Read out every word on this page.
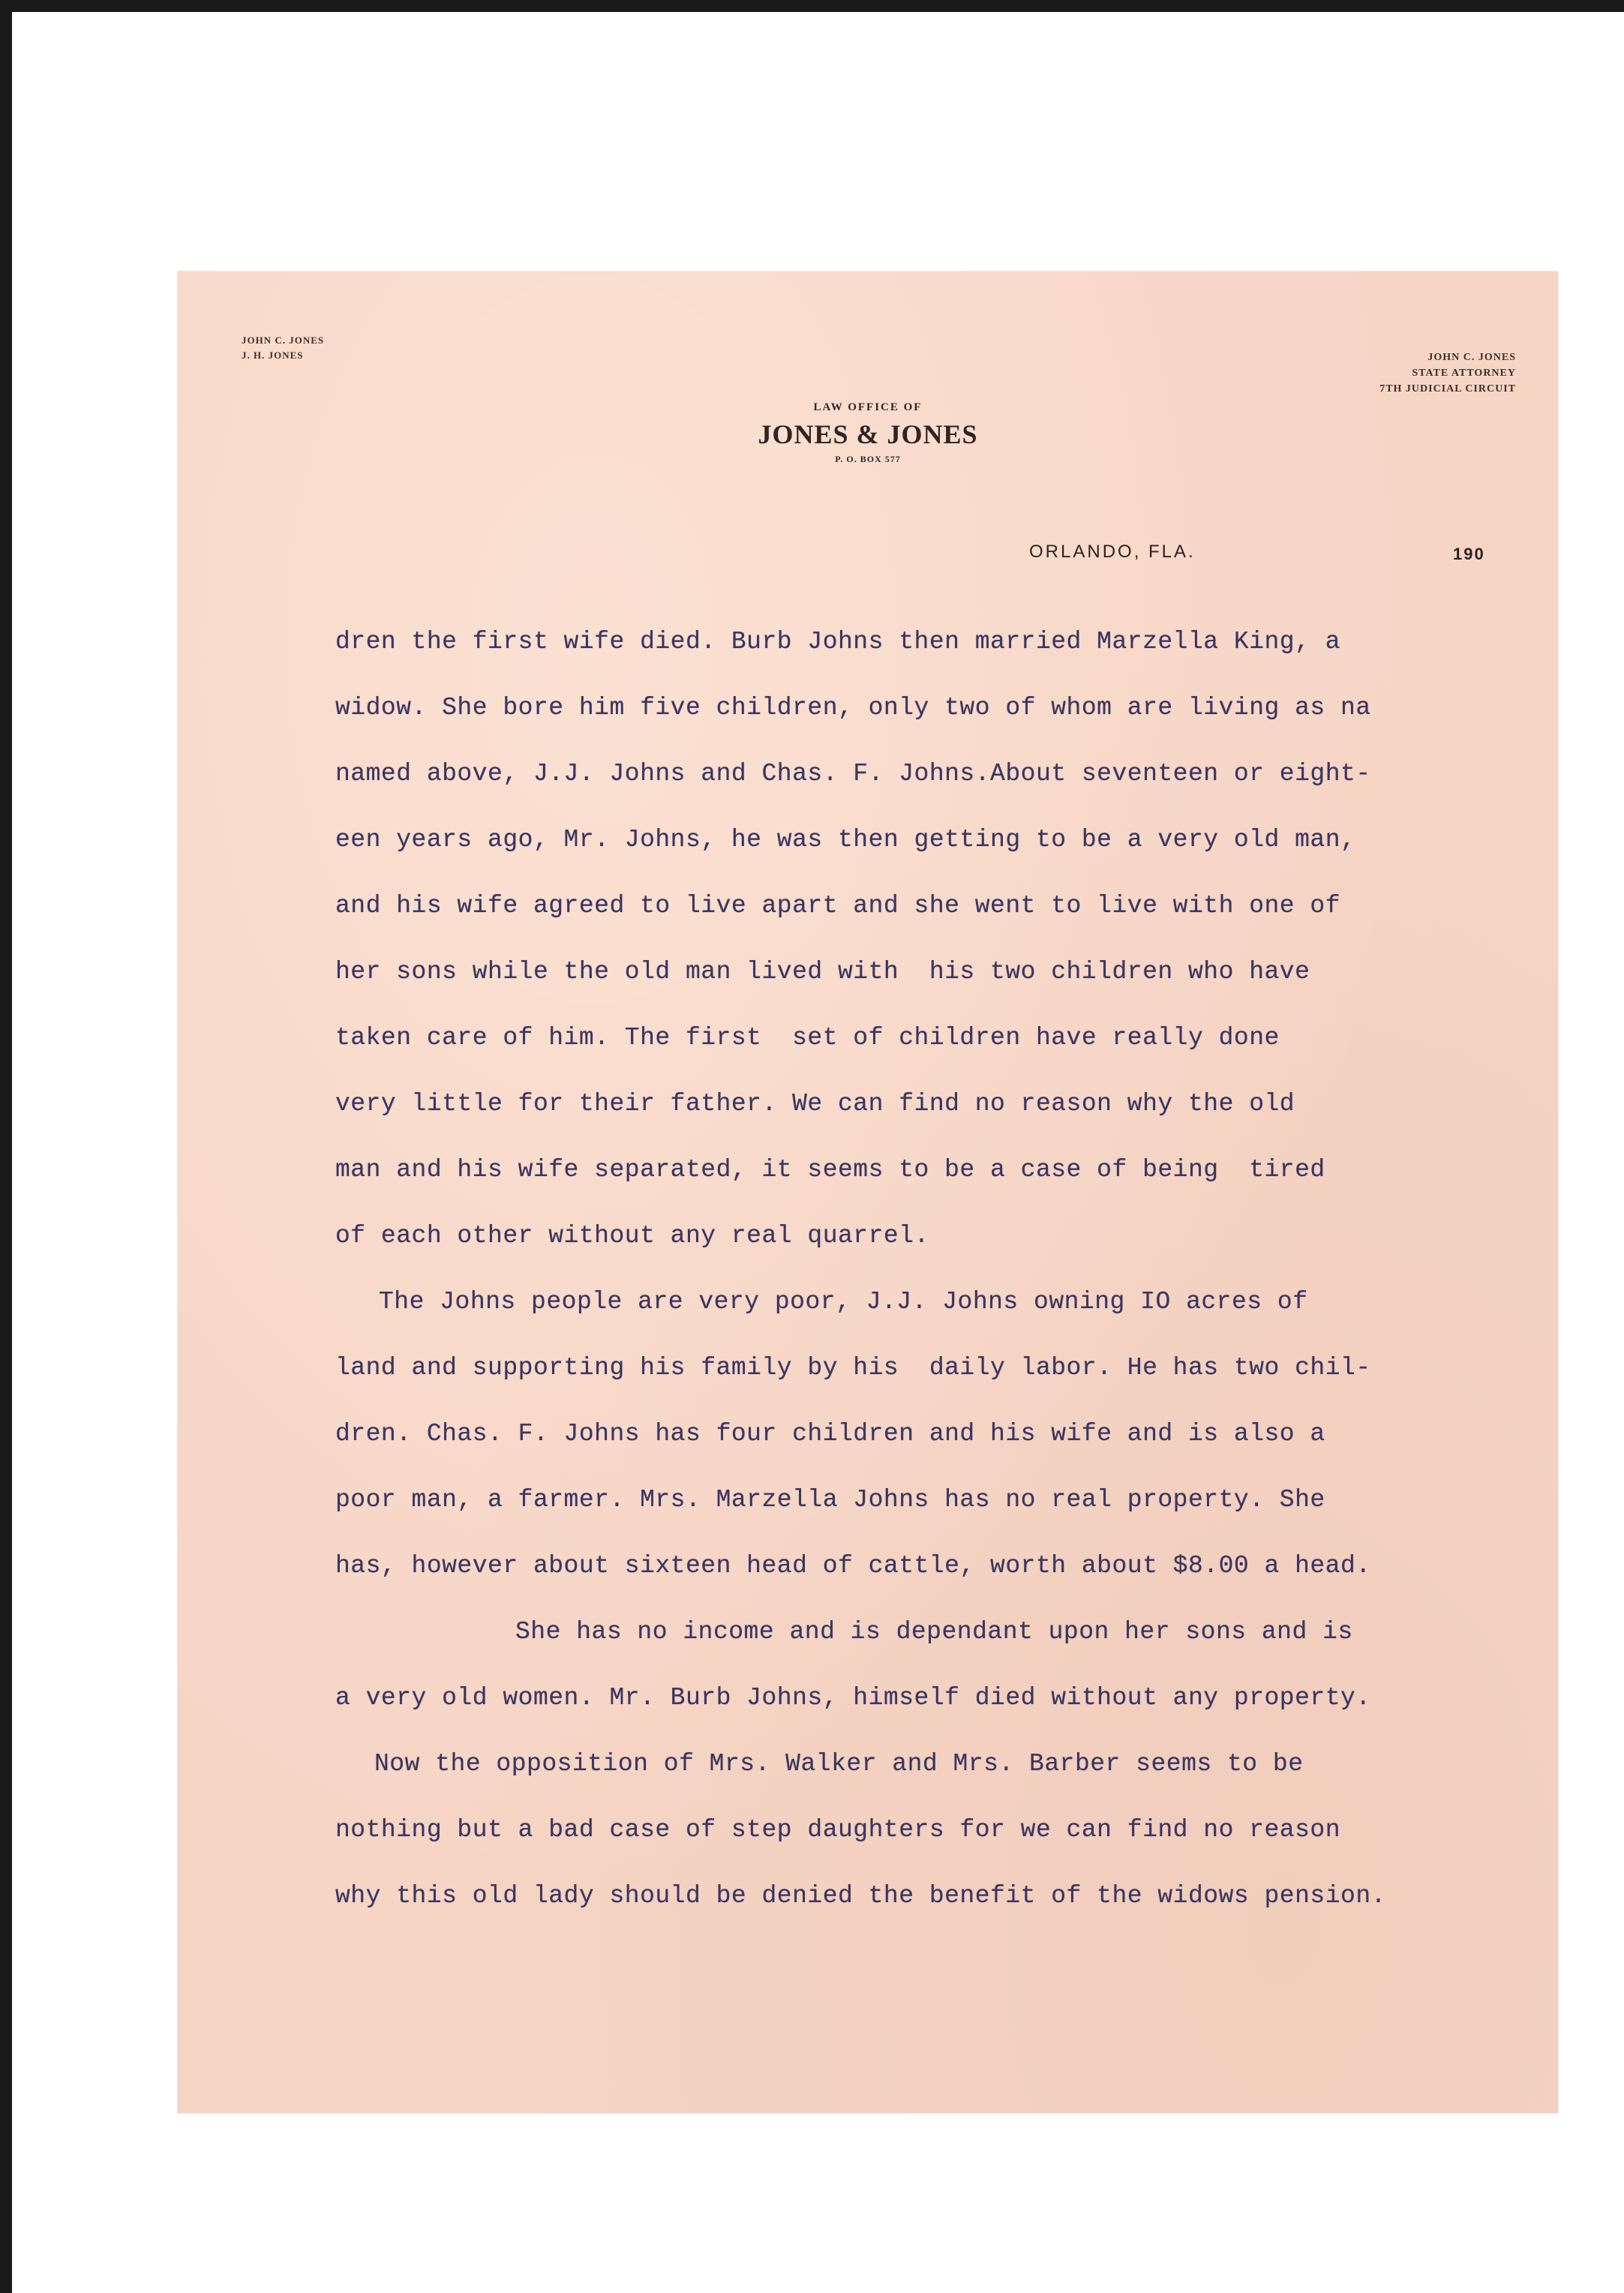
JOHN C. JONES
J. H. JONES	JOHN C. JONES
STATE ATTORNEY
7TH JUDICIAL CIRCUIT
LAW OFFICE OF
JONES & JONES
P. O. BOX 577
ORLANDO, FLA.	190
dren the first wife died. Burb Johns then married Marzella King, a
widow. She bore him five children, only two of whom are living as na
named above, J.J. Johns and Chas. F. Johns.About seventeen or eight-
een years ago, Mr. Johns, he was then getting to be a very old man,
and his wife agreed to live apart and she went to live with one of
her sons while the old man lived with  his two children who have
taken care of him. The first  set of children have really done
very little for their father. We can find no reason why the old
man and his wife separated, it seems to be a case of being  tired
of each other without any real quarrel.
The Johns people are very poor, J.J. Johns owning IO acres of
land and supporting his family by his  daily labor. He has two chil-
dren. Chas. F. Johns has four children and his wife and is also a
poor man, a farmer. Mrs. Marzella Johns has no real property. She
has, however about sixteen head of cattle, worth about $8.00 a head.
She has no income and is dependant upon her sons and is
a very old women. Mr. Burb Johns, himself died without any property.
Now the opposition of Mrs. Walker and Mrs. Barber seems to be
nothing but a bad case of step daughters for we can find no reason
why this old lady should be denied the benefit of the widows pension.
